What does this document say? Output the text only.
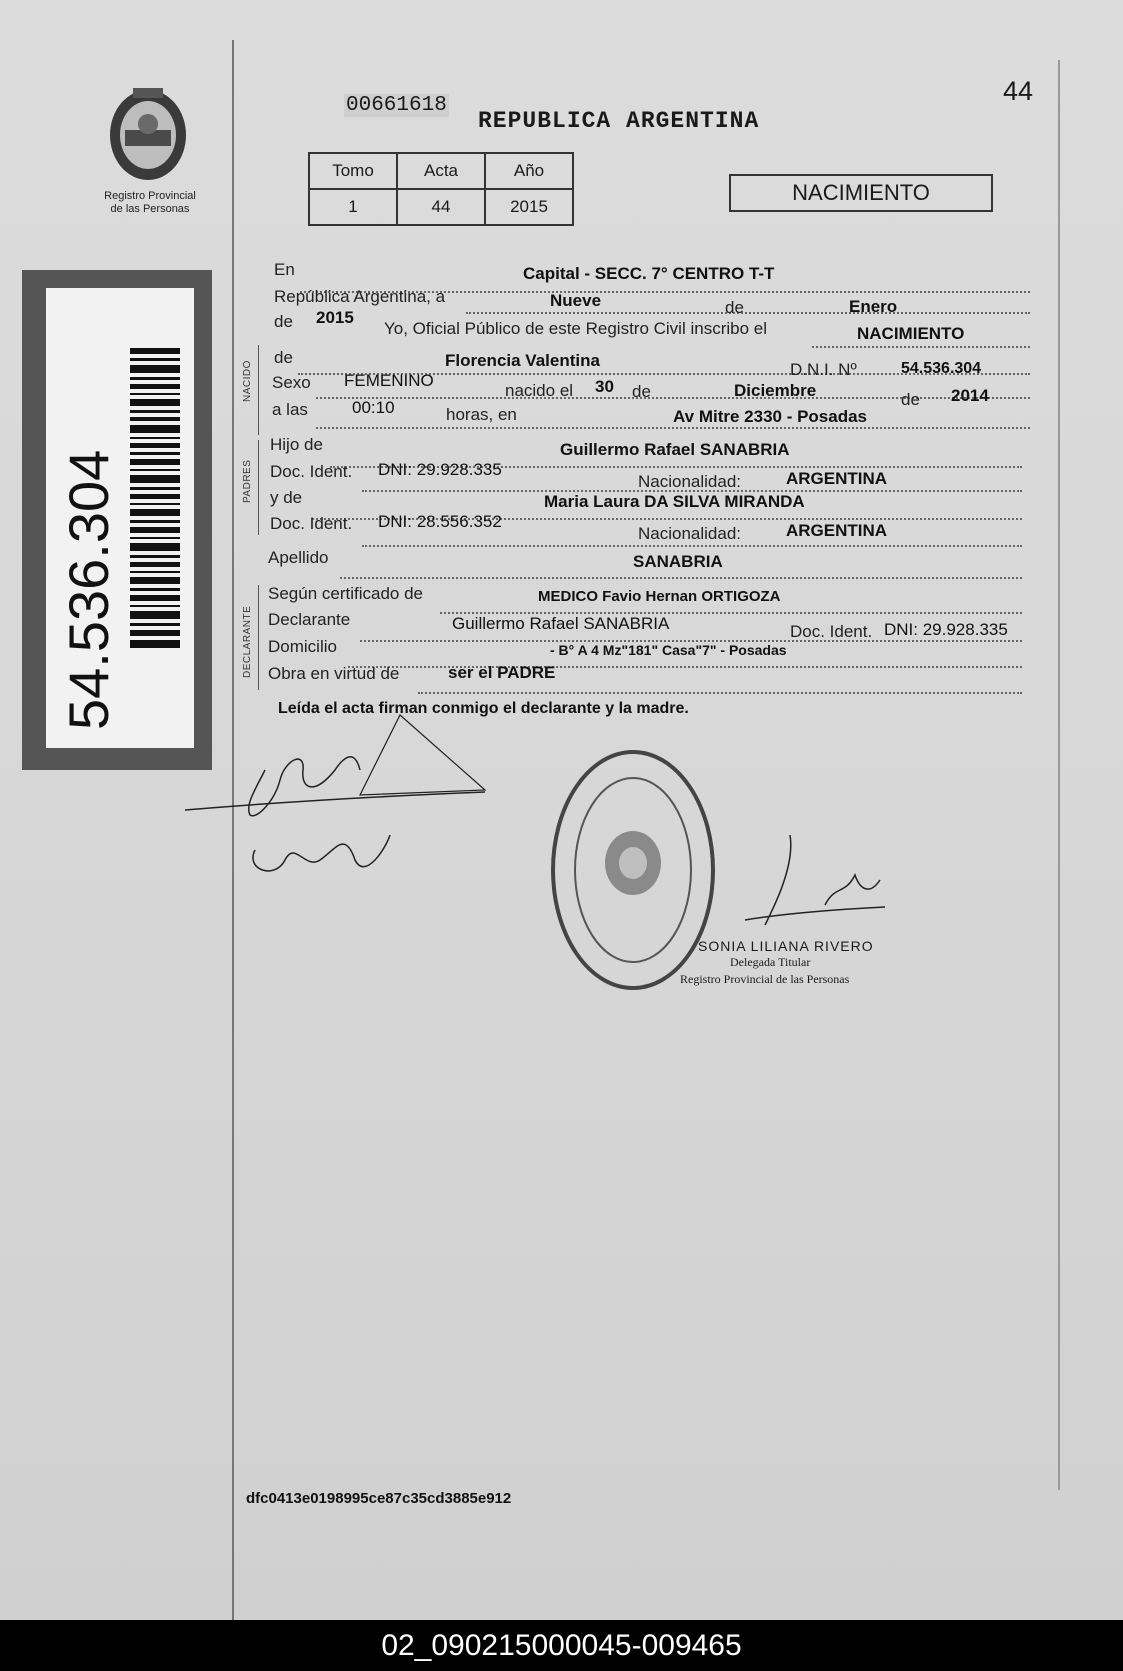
Registro Provincial
de las Personas
00661618
REPUBLICA ARGENTINA
44
Tomo	Acta	Año
1	44	2015
NACIMIENTO
54.536.304
NACIDO
PADRES
DECLARANTE
En	Capital - SECC. 7° CENTRO T-T
República Argentina, a	Nueve	de	Enero
de 2015
Yo, Oficial Público de este Registro Civil inscribo el	NACIMIENTO
de	Florencia Valentina	D.N.I. Nº	54.536.304
Sexo FEMENINO
nacido el 30 de	Diciembre	de 2014
a las	00:10	horas, en	Av Mitre 2330 - Posadas
Hijo de	Guillermo Rafael SANABRIA
Doc. Ident. DNI: 29.928.335
Nacionalidad:	ARGENTINA
y de	Maria Laura DA SILVA MIRANDA
Doc. Ident. DNI: 28.556.352
Nacionalidad:	ARGENTINA
Apellido	SANABRIA
Según certificado de	MEDICO Favio Hernan ORTIGOZA
Declarante	Guillermo Rafael SANABRIA	Doc. Ident. DNI: 29.928.335
Domicilio	- B° A 4 Mz"181" Casa"7" - Posadas
Obra en virtud de	ser el PADRE
Leída el acta firman conmigo el declarante y la madre.
SONIA LILIANA RIVERO
Delegada Titular
Registro Provincial de las Personas
dfc0413e0198995ce87c35cd3885e912
02_090215000045-009465
